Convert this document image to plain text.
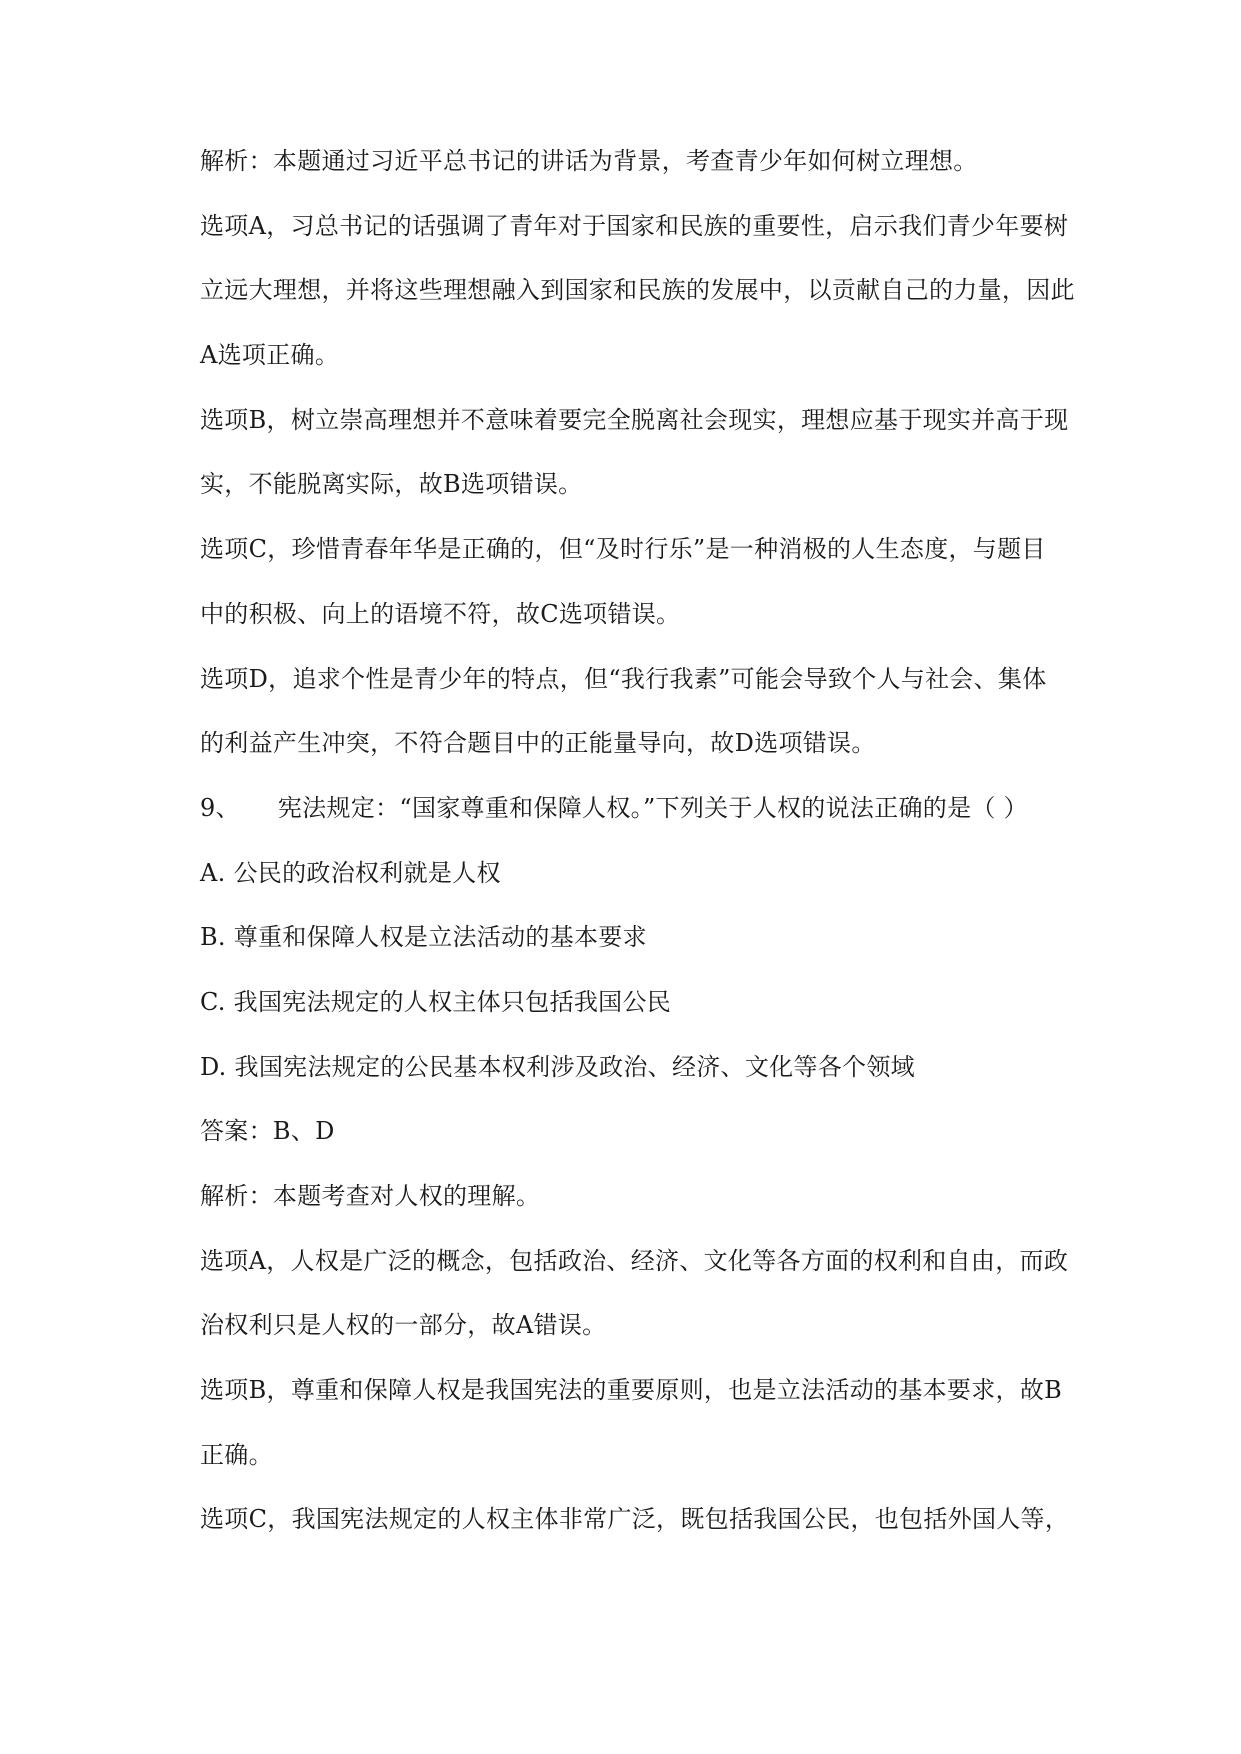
解析：本题通过习近平总书记的讲话为背景，考查青少年如何树立理想。
选项A，习总书记的话强调了青年对于国家和民族的重要性，启示我们青少年要树
立远大理想，并将这些理想融入到国家和民族的发展中，以贡献自己的力量，因此
A选项正确。
选项B，树立崇高理想并不意味着要完全脱离社会现实，理想应基于现实并高于现
实，不能脱离实际，故B选项错误。
选项C，珍惜青春年华是正确的，但“及时行乐”是一种消极的人生态度，与题目
中的积极、向上的语境不符，故C选项错误。
选项D，追求个性是青少年的特点，但“我行我素”可能会导致个人与社会、集体
的利益产生冲突，不符合题目中的正能量导向，故D选项错误。
9、 宪法规定：“国家尊重和保障人权。”下列关于人权的说法正确的是（ ）
A. 公民的政治权利就是人权
B. 尊重和保障人权是立法活动的基本要求
C. 我国宪法规定的人权主体只包括我国公民
D. 我国宪法规定的公民基本权利涉及政治、经济、文化等各个领域
答案：B、D
解析：本题考查对人权的理解。
选项A，人权是广泛的概念，包括政治、经济、文化等各方面的权利和自由，而政
治权利只是人权的一部分，故A错误。
选项B，尊重和保障人权是我国宪法的重要原则，也是立法活动的基本要求，故B
正确。
选项C，我国宪法规定的人权主体非常广泛，既包括我国公民，也包括外国人等，
